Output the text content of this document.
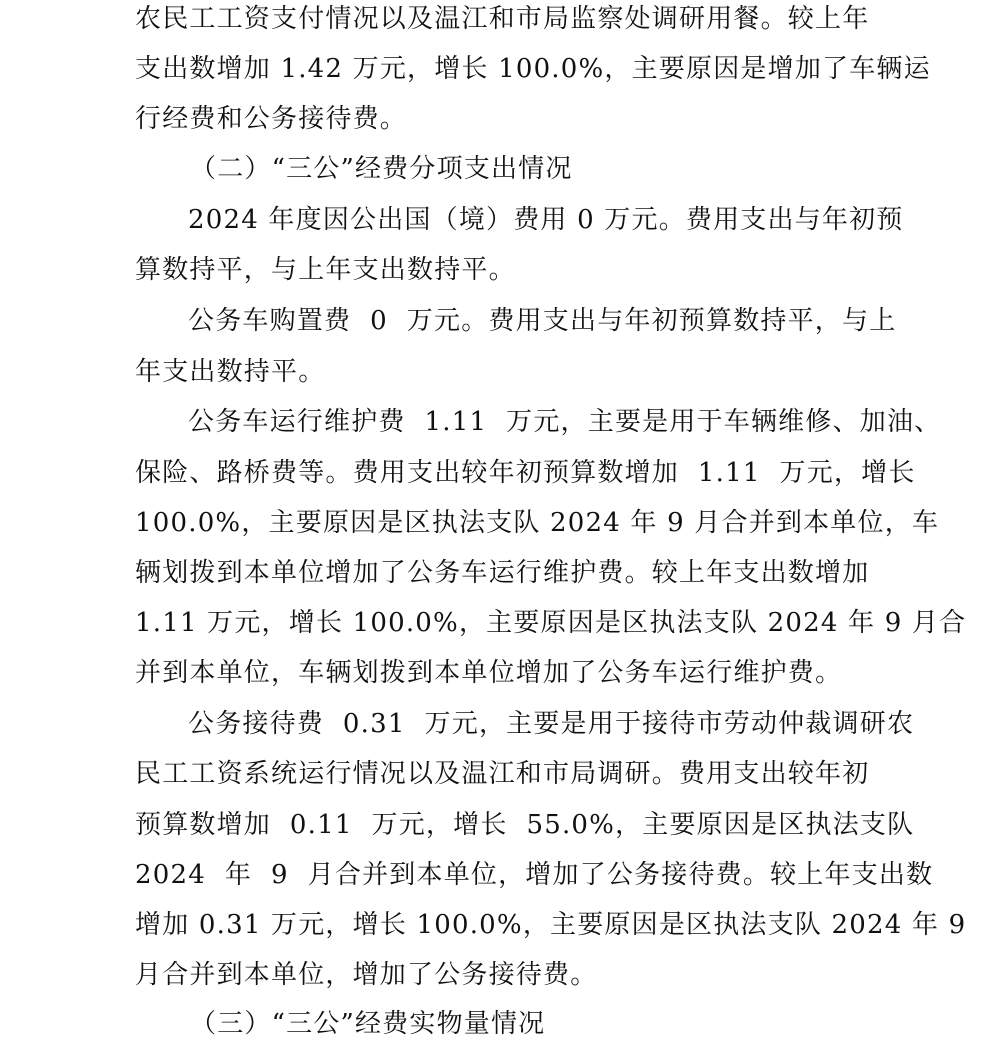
农民工工资支付情况以及温江和市局监察处调研用餐。较上年
支出数增加 1.42 万元，增长 100.0%，主要原因是增加了车辆运
行经费和公务接待费。
（二）“三公”经费分项支出情况
2024 年度因公出国（境）费用 0 万元。费用支出与年初预
算数持平，与上年支出数持平。
公务车购置费  0  万元。费用支出与年初预算数持平，与上
年支出数持平。
公务车运行维护费  1.11  万元，主要是用于车辆维修、加油、
保险、路桥费等。费用支出较年初预算数增加  1.11  万元，增长
100.0%，主要原因是区执法支队 2024 年 9 月合并到本单位，车
辆划拨到本单位增加了公务车运行维护费。较上年支出数增加
1.11 万元，增长 100.0%，主要原因是区执法支队 2024 年 9 月合
并到本单位，车辆划拨到本单位增加了公务车运行维护费。
公务接待费  0.31  万元，主要是用于接待市劳动仲裁调研农
民工工资系统运行情况以及温江和市局调研。费用支出较年初
预算数增加  0.11  万元，增长  55.0%，主要原因是区执法支队
2024  年  9  月合并到本单位，增加了公务接待费。较上年支出数
增加 0.31 万元，增长 100.0%，主要原因是区执法支队 2024 年 9
月合并到本单位，增加了公务接待费。
（三）“三公”经费实物量情况
